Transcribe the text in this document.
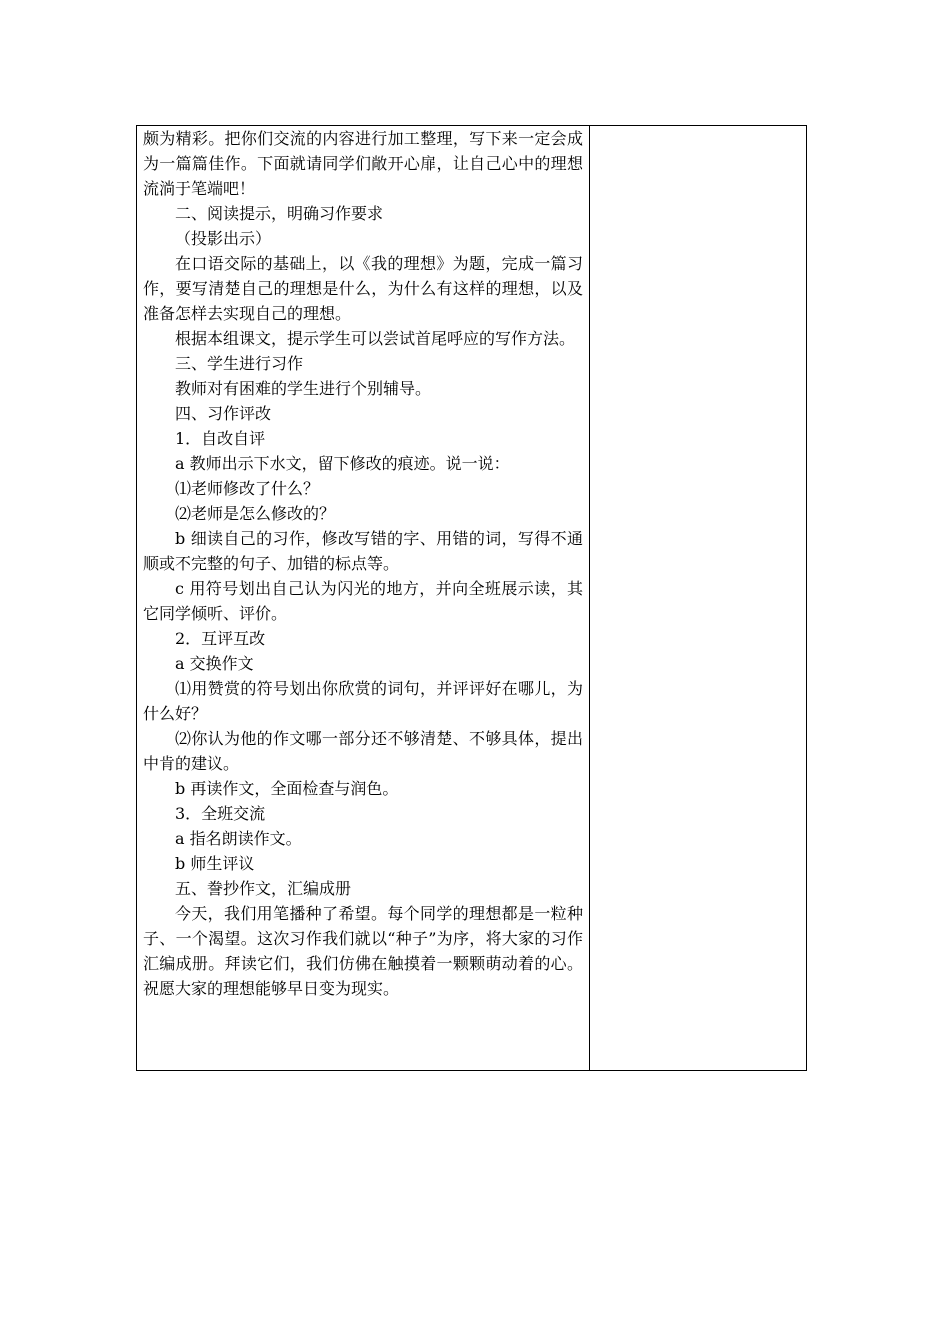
颇为精彩。把你们交流的内容进行加工整理，写下来一定会成为一篇篇佳作。下面就请同学们敞开心扉，让自己心中的理想流淌于笔端吧！

二、阅读提示，明确习作要求

（投影出示）

在口语交际的基础上，以《我的理想》为题，完成一篇习作，要写清楚自己的理想是什么，为什么有这样的理想，以及准备怎样去实现自己的理想。

根据本组课文，提示学生可以尝试首尾呼应的写作方法。

三、学生进行习作

教师对有困难的学生进行个别辅导。

四、习作评改

1．自改自评

a 教师出示下水文，留下修改的痕迹。说一说：

⑴老师修改了什么？

⑵老师是怎么修改的？

b 细读自己的习作，修改写错的字、用错的词，写得不通顺或不完整的句子、加错的标点等。

c 用符号划出自己认为闪光的地方，并向全班展示读，其它同学倾听、评价。

2．互评互改

a 交换作文

⑴用赞赏的符号划出你欣赏的词句，并评评好在哪儿，为什么好？

⑵你认为他的作文哪一部分还不够清楚、不够具体，提出中肯的建议。

b 再读作文，全面检查与润色。

3．全班交流

a 指名朗读作文。

b 师生评议

五、誊抄作文，汇编成册

今天，我们用笔播种了希望。每个同学的理想都是一粒种子、一个渴望。这次习作我们就以“种子”为序，将大家的习作汇编成册。拜读它们，我们仿佛在触摸着一颗颗萌动着的心。祝愿大家的理想能够早日变为现实。
